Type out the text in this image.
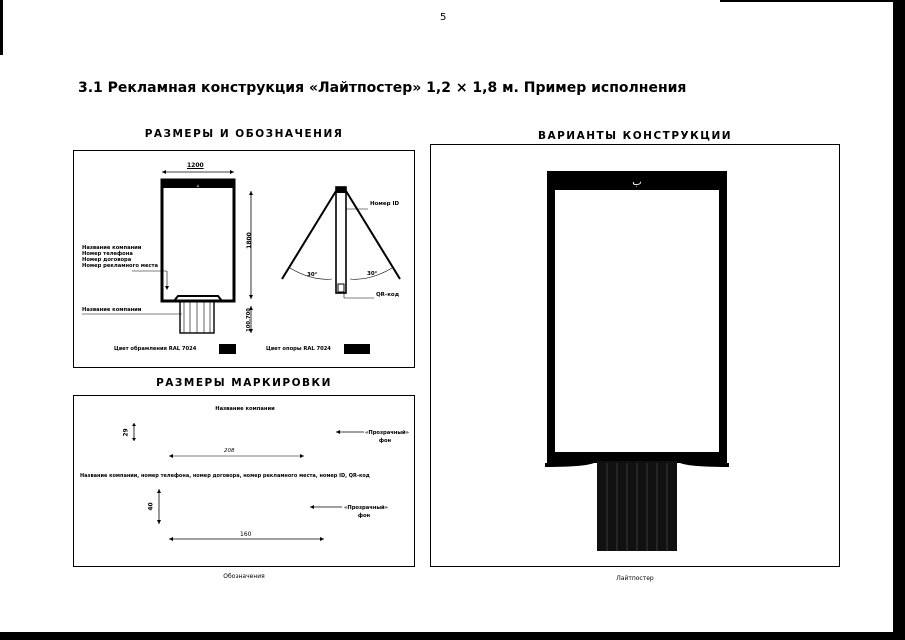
5
3.1 Рекламная конструкция «Лайтпостер» 1,2 × 1,8 м. Пример исполнения
РАЗМЕРЫ И ОБОЗНАЧЕНИЯ	ВАРИАНТЫ КОНСТРУКЦИИ
РАЗМЕРЫ МАРКИРОВКИ
⌂
1200
1800
100.700
Название компании
Номер телефона
Номер договора
Номер рекламного места
Название компании
Номер ID
30°	30°
QR-код
Цвет обрамления RAL 7024	Цвет опоры RAL 7024
Название компании
29
208
«Прозрачный» фон
Название компании, номер телефона, номер договора, номер рекламного места, номер ID, QR-код
40
160
«Прозрачный» фон
ب
Обозначения	Лайтпостер
